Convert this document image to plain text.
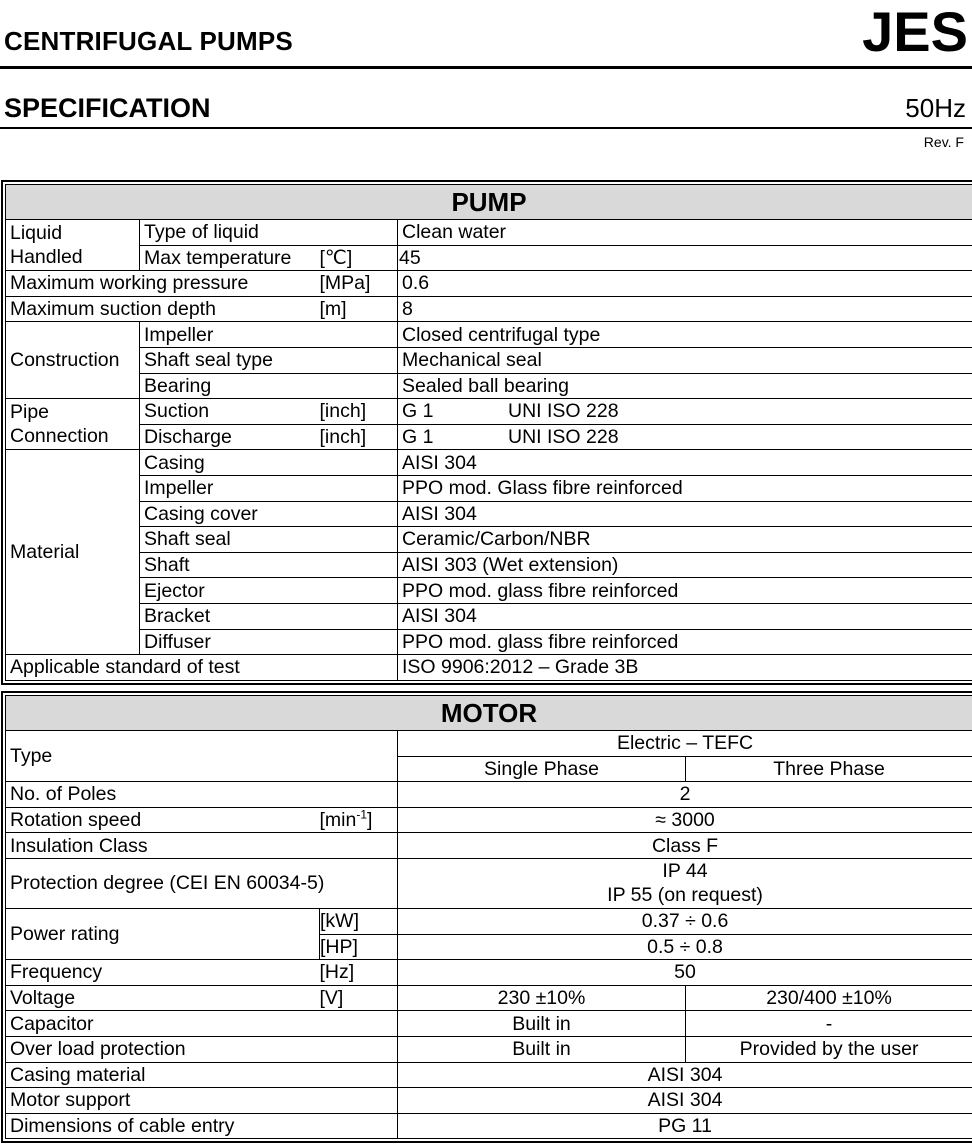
CENTRIFUGAL PUMPS	JES
SPECIFICATION	50Hz
Rev. F
PUMP			
Liquid
Handled	Type of liquid		Clean water
	Max temperature	[℃]	45
Maximum working pressure		[MPa]	0.6
Maximum suction depth		[m]	8
Construction	Impeller		Closed centrifugal type
	Shaft seal type		Mechanical seal
	Bearing		Sealed ball bearing
Pipe
Connection	Suction	[inch]	G 1 UNI ISO 228
	Discharge	[inch]	G 1 UNI ISO 228
Material	Casing		AISI 304
	Impeller		PPO mod. Glass fibre reinforced
	Casing cover		AISI 304
	Shaft seal		Ceramic/Carbon/NBR
	Shaft		AISI 303 (Wet extension)
	Ejector		PPO mod. glass fibre reinforced
	Bracket		AISI 304
	Diffuser		PPO mod. glass fibre reinforced
Applicable standard of test			ISO 9906:2012 – Grade 3B
MOTOR			
Type		Electric – TEFC	
		Single Phase	Three Phase
No. of Poles		2	
Rotation speed	$[\min^{-1}]$	≈ 3000	
Insulation Class		Class F	
Protection degree (CEI EN 60034-5)		IP 44
IP 55 (on request)	
Power rating	[kW]	0.37 ÷ 0.6	
	[HP]	0.5 ÷ 0.8	
Frequency	[Hz]	50	
Voltage	[V]	230 ±10%	230/400 ±10%
Capacitor		Built in	-
Over load protection		Built in	Provided by the user
Casing material		AISI 304	
Motor support		AISI 304	
Dimensions of cable entry		PG 11	
